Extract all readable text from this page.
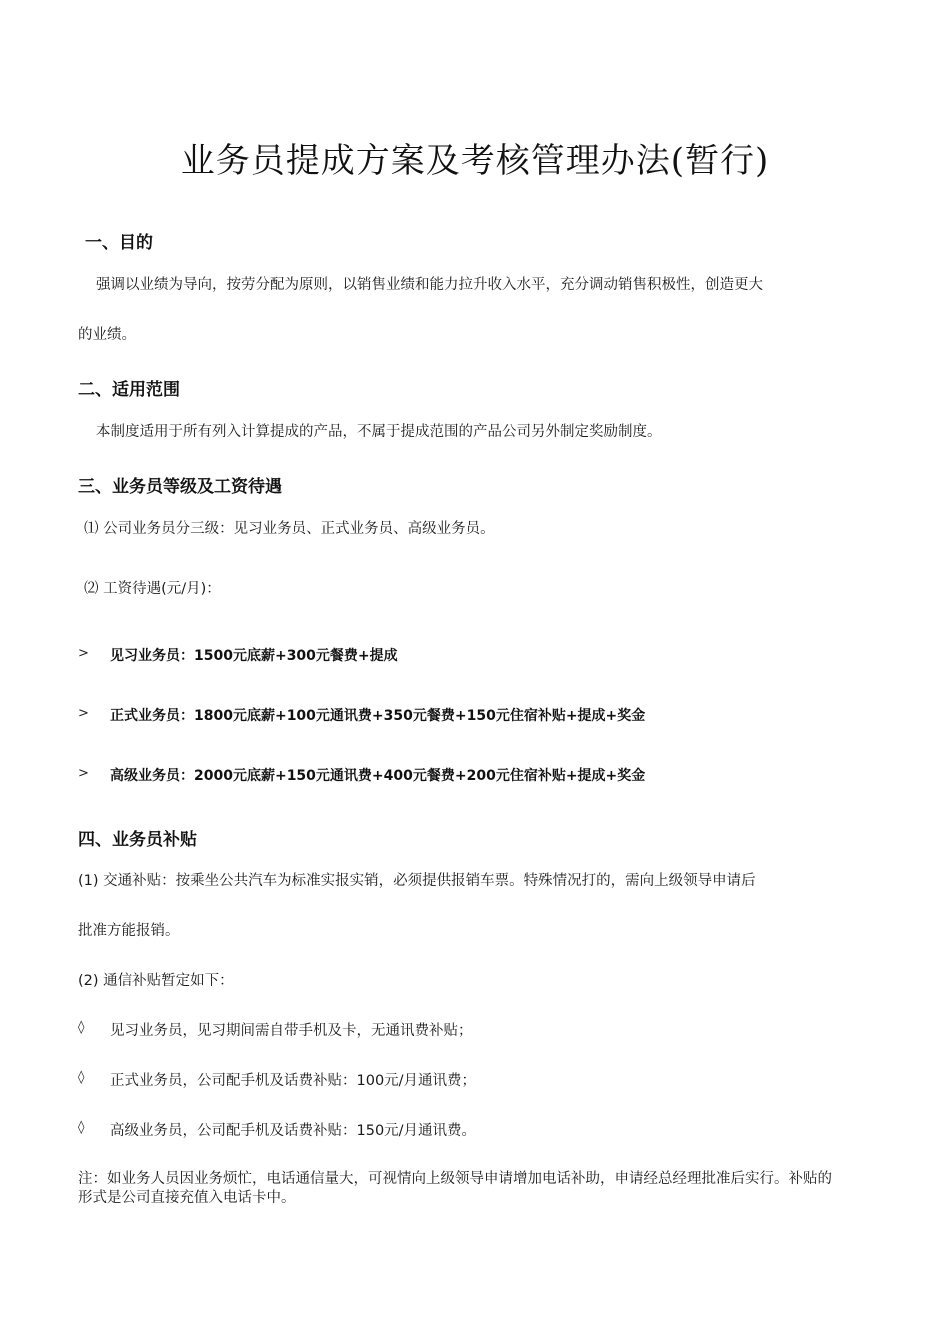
业务员提成方案及考核管理办法(暂行)
一、目的
强调以业绩为导向，按劳分配为原则，以销售业绩和能力拉升收入水平，充分调动销售积极性，创造更大
的业绩。
二、适用范围
本制度适用于所有列入计算提成的产品，不属于提成范围的产品公司另外制定奖励制度。
三、业务员等级及工资待遇
⑴ 公司业务员分三级：见习业务员、正式业务员、高级业务员。
⑵ 工资待遇(元/月)：
> 见习业务员：1500元底薪+300元餐费+提成
> 正式业务员：1800元底薪+100元通讯费+350元餐费+150元住宿补贴+提成+奖金
> 高级业务员：2000元底薪+150元通讯费+400元餐费+200元住宿补贴+提成+奖金
四、业务员补贴
(1) 交通补贴：按乘坐公共汽车为标准实报实销，必须提供报销车票。特殊情况打的，需向上级领导申请后
批准方能报销。
(2) 通信补贴暂定如下：
◊ 见习业务员，见习期间需自带手机及卡，无通讯费补贴；
◊ 正式业务员，公司配手机及话费补贴：100元/月通讯费；
◊ 高级业务员，公司配手机及话费补贴：150元/月通讯费。
注：如业务人员因业务烦忙，电话通信量大，可视情向上级领导申请增加电话补助，申请经总经理批准后实行。补贴的形式是公司直接充值入电话卡中。
